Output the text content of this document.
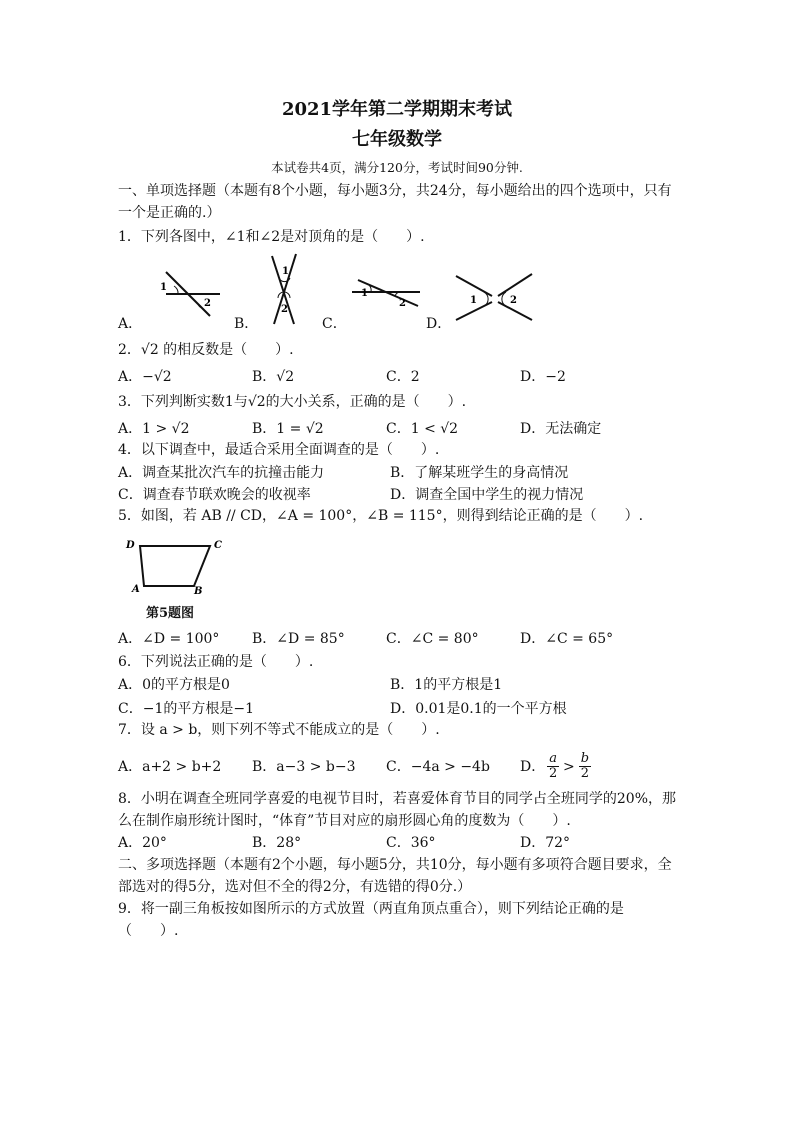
2021学年第二学期期末考试
七年级数学
本试卷共4页，满分120分，考试时间90分钟.
一、单项选择题（本题有8个小题，每小题3分，共24分，每小题给出的四个选项中，只有一个是正确的.）
1．下列各图中，∠1和∠2是对顶角的是（　　）.
1
2
1
2
1
2	1	2
A．	B．	C．	D．
2．√2 的相反数是（　　）.
A．−√2	B．√2	C．2	D．−2
3．下列判断实数1与√2的大小关系，正确的是（　　）.
A．1 > √2	B．1 = √2	C．1 < √2	D．无法确定
4．以下调查中，最适合采用全面调查的是（　　）.
A．调查某批次汽车的抗撞击能力	B．了解某班学生的身高情况
C．调查春节联欢晚会的收视率	D．调查全国中学生的视力情况
5．如图，若 AB // CD，∠A = 100°，∠B = 115°，则得到结论正确的是（　　）.
D	C
A	B
第5题图
A．∠D = 100°	B．∠D = 85°	C．∠C = 80°	D．∠C = 65°
6．下列说法正确的是（　　）.
A．0的平方根是0	B．1的平方根是1
C．−1的平方根是−1	D．0.01是0.1的一个平方根
7．设 a > b，则下列不等式不能成立的是（　　）.
A．a+2 > b+2	B．a−3 > b−3	C．−4a > −4b	D． a
2 > b
2
8．小明在调查全班同学喜爱的电视节目时，若喜爱体育节目的同学占全班同学的20%，那么在制作扇形统计图时，“体育”节目对应的扇形圆心角的度数为（　　）.
A．20°	B．28°	C．36°	D．72°
二、多项选择题（本题有2个小题，每小题5分，共10分，每小题有多项符合题目要求，全部选对的得5分，选对但不全的得2分，有选错的得0分.）
9．将一副三角板按如图所示的方式放置（两直角顶点重合），则下列结论正确的是（　　）.
